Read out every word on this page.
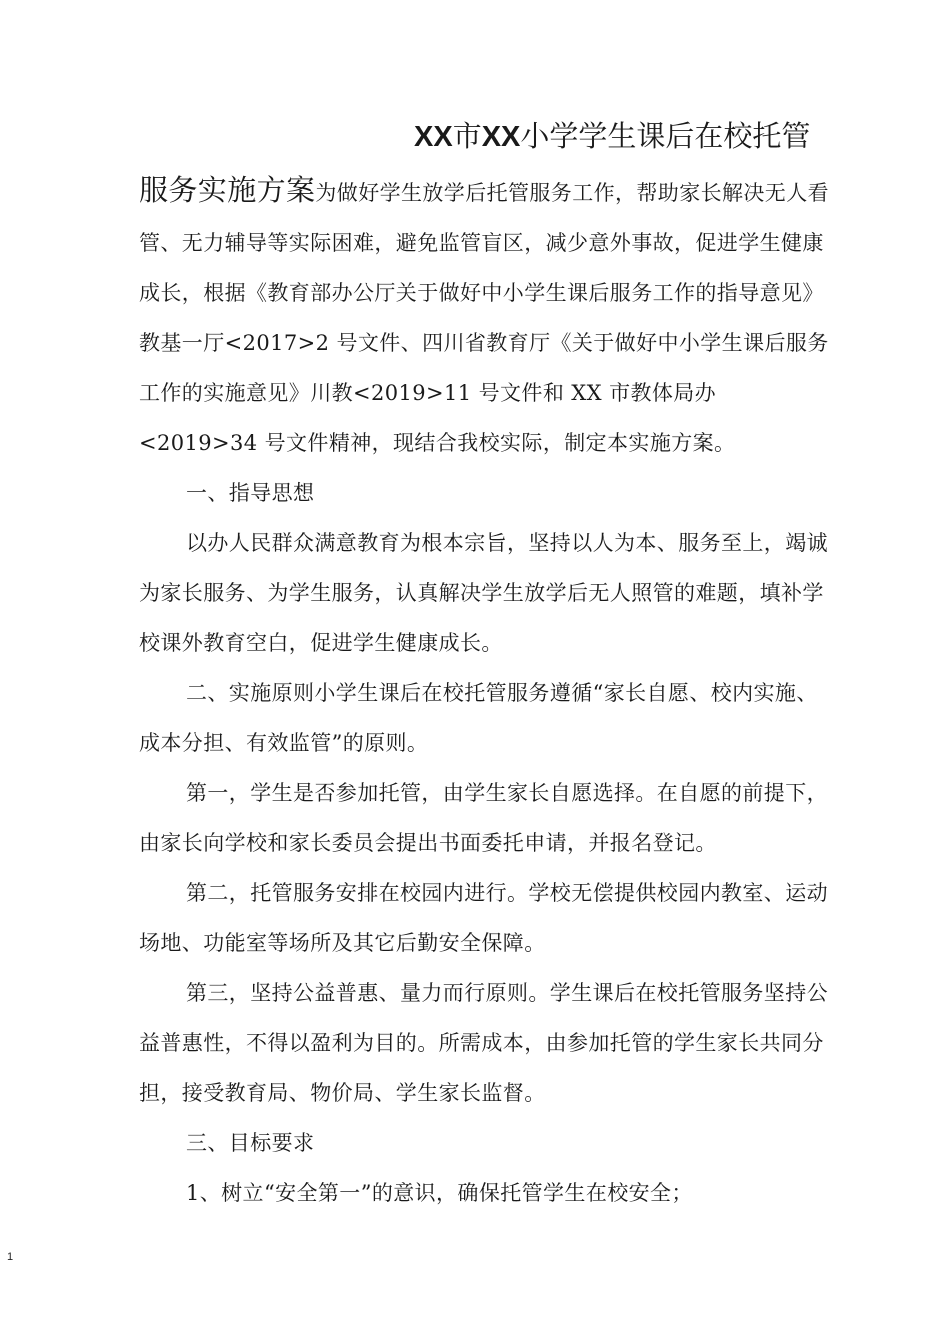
XX市XX小学学生课后在校托管

服务实施方案为做好学生放学后托管服务工作，帮助家长解决无人看管、无力辅导等实际困难，避免监管盲区，减少意外事故，促进学生健康成长，根据《教育部办公厅关于做好中小学生课后服务工作的指导意见》教基一厅<2017>2 号文件、四川省教育厅《关于做好中小学生课后服务工作的实施意见》川教<2019>11 号文件和 XX 市教体局办<2019>34 号文件精神，现结合我校实际，制定本实施方案。

一、指导思想

以办人民群众满意教育为根本宗旨，坚持以人为本、服务至上，竭诚为家长服务、为学生服务，认真解决学生放学后无人照管的难题，填补学校课外教育空白，促进学生健康成长。

二、实施原则小学生课后在校托管服务遵循“家长自愿、校内实施、成本分担、有效监管”的原则。

第一，学生是否参加托管，由学生家长自愿选择。在自愿的前提下，由家长向学校和家长委员会提出书面委托申请，并报名登记。

第二，托管服务安排在校园内进行。学校无偿提供校园内教室、运动场地、功能室等场所及其它后勤安全保障。

第三，坚持公益普惠、量力而行原则。学生课后在校托管服务坚持公益普惠性，不得以盈利为目的。所需成本，由参加托管的学生家长共同分担，接受教育局、物价局、学生家长监督。

三、目标要求

1、树立“安全第一”的意识，确保托管学生在校安全；

1
